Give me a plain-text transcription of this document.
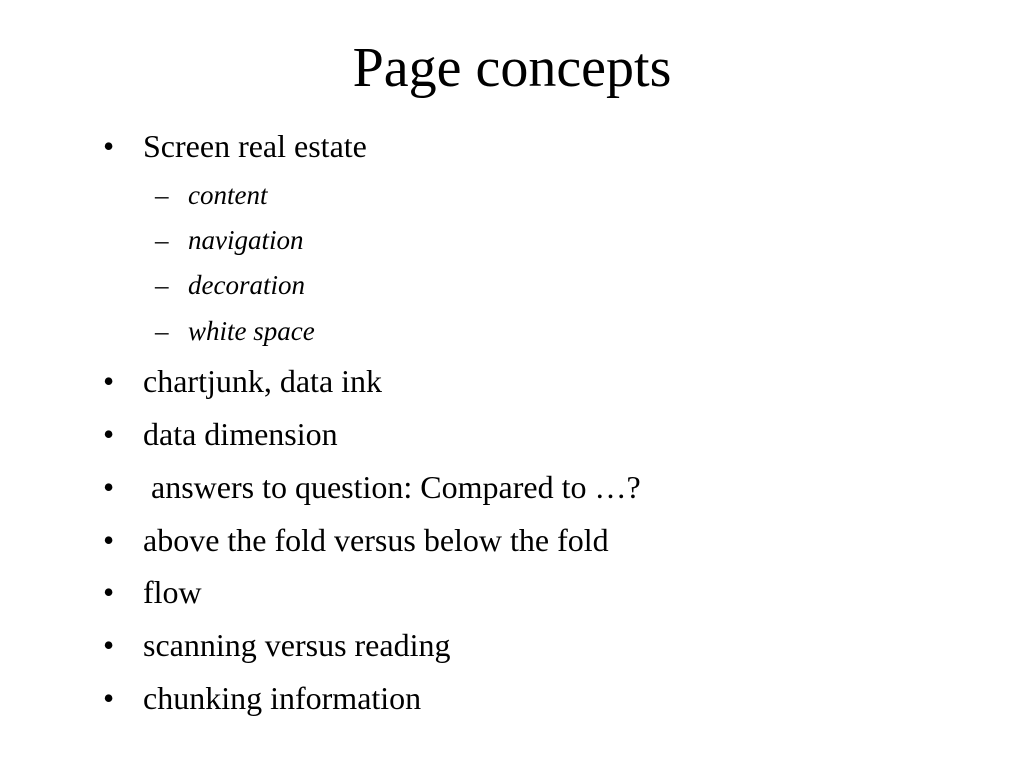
Page concepts
• Screen real estate
– content
– navigation
– decoration
– white space
• chartjunk, data ink
• data dimension
• answers to question: Compared to …?
• above the fold versus below the fold
• flow
• scanning versus reading
• chunking information
